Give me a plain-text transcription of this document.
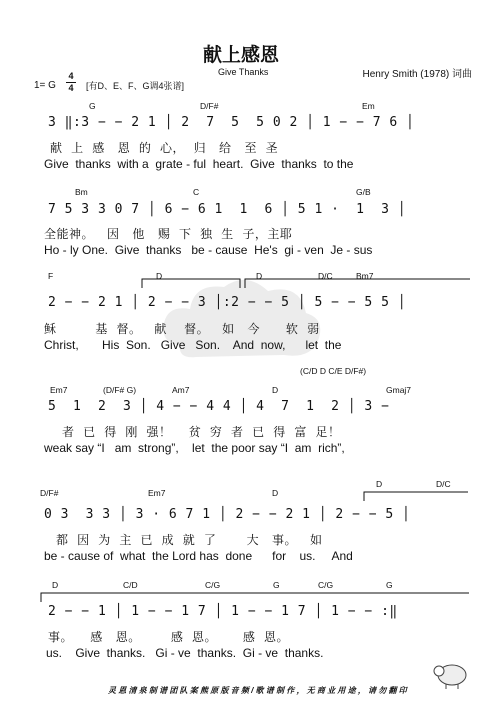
献上感恩
Give Thanks	Henry Smith (1978) 词曲
1= G
4
4 [有D、E、F、G调4张谱]
G	D/F#	Em
3 ‖:3 − − 2 1 │ 2  7  5  5 0 2 │ 1 − − 7 6 │
献  上  感   恩  的  心，  归   给   至  圣
Give  thanks  with a  grate - ful  heart.  Give  thanks  to the
Bm	C	G/B
7 5 3 3 0 7 │ 6 − 6 1  1  6 │ 5 1 ·  1  3 │
全能神。   因   他   赐  下  独  生  子，主耶
Ho - ly One.  Give  thanks   be - cause  He's  gi - ven  Je - sus
F	D	D	D/C	Bm7
2 − − 2 1 │ 2 − − 3 │:2 − − 5 │ 5 − − 5 5 │
稣         基  督。   献    督。   如   今      软  弱
Christ,       His  Son.   Give   Son.    And  now,      let  the
(C/D D C/E D/F#)
Em7	(D/F# G)	Am7	D	Gmaj7
5  1  2  3 │ 4 − − 4 4 │ 4  7  1  2 │ 3 −
者  已  得  刚  强！    贫  穷  者  已  得  富  足！
weak say “I   am  strong”,    let  the poor say “I  am  rich”,
D/F#	Em7	D
D	D/C
0 3  3 3 │ 3 · 6 7 1 │ 2 − − 2 1 │ 2 − − 5 │
都  因  为  主  已  成  就  了       大   事。   如
be - cause of  what  the Lord has  done      for    us.     And
D	C/D	C/G	G	C/G	G
2 − − 1 │ 1 − − 1 7 │ 1 − − 1 7 │ 1 − − :‖
事。    感   恩。       感  恩。      感  恩。
us.    Give  thanks.   Gi - ve  thanks.  Gi - ve  thanks.
灵 恩 清 泉 制 谱 团 队 案 熊 原 版 音 频 / 歌 谱 制 作 ， 无 商 业 用 途 ， 请 勿 翻 印
